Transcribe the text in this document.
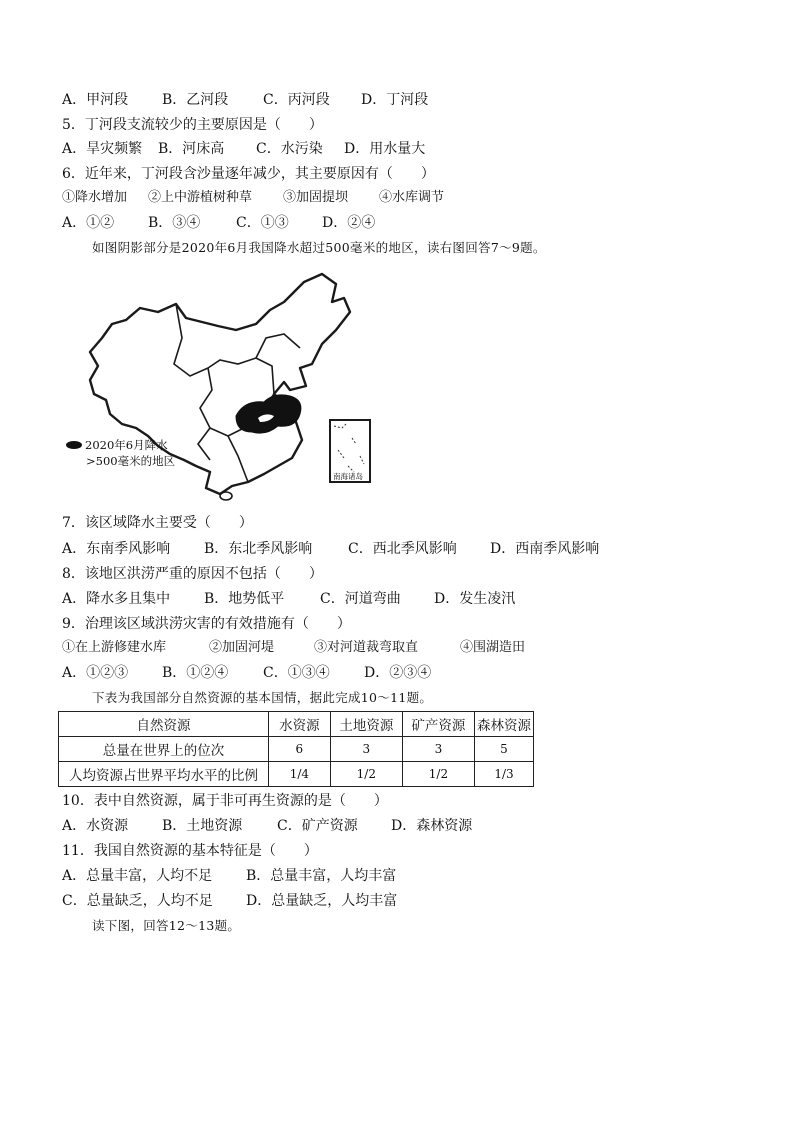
A．甲河段 B．乙河段 C．丙河段 D．丁河段
5．丁河段支流较少的主要原因是（　　）
A．旱灾频繁 B．河床高 C．水污染 D．用水量大
6．近年来，丁河段含沙量逐年减少，其主要原因有（　　）
①降水增加 ②上中游植树种草 ③加固提坝 ④水库调节
A．①② B．③④	C．①③ D．②④
如图阴影部分是2020年6月我国降水超过500毫米的地区，读右图回答7～9题。
2020年6月降水
>500毫米的地区
南海诸岛
7．该区域降水主要受（　　）
A．东南季风影响 B．东北季风影响	C．西北季风影响 D．西南季风影响
8．该地区洪涝严重的原因不包括（　　）
A．降水多且集中 B．地势低平	C．河道弯曲 D．发生凌汛
9．治理该区域洪涝灾害的有效措施有（　　）
①在上游修建水库	②加固河堤	③对河道裁弯取直	④围湖造田
A．①②③ B．①②④ C．①③④ D．②③④
下表为我国部分自然资源的基本国情，据此完成10～11题。
自然资源	水资源	土地资源	矿产资源	森林资源
总量在世界上的位次	6	3	3	5
人均资源占世界平均水平的比例	1/4	1/2	1/2	1/3
10．表中自然资源，属于非可再生资源的是（　　）
A．水资源 B．土地资源 C．矿产资源 D．森林资源
11．我国自然资源的基本特征是（　　）
A．总量丰富，人均不足 B．总量丰富，人均丰富
C．总量缺乏，人均不足 D．总量缺乏，人均丰富
读下图，回答12～13题。
